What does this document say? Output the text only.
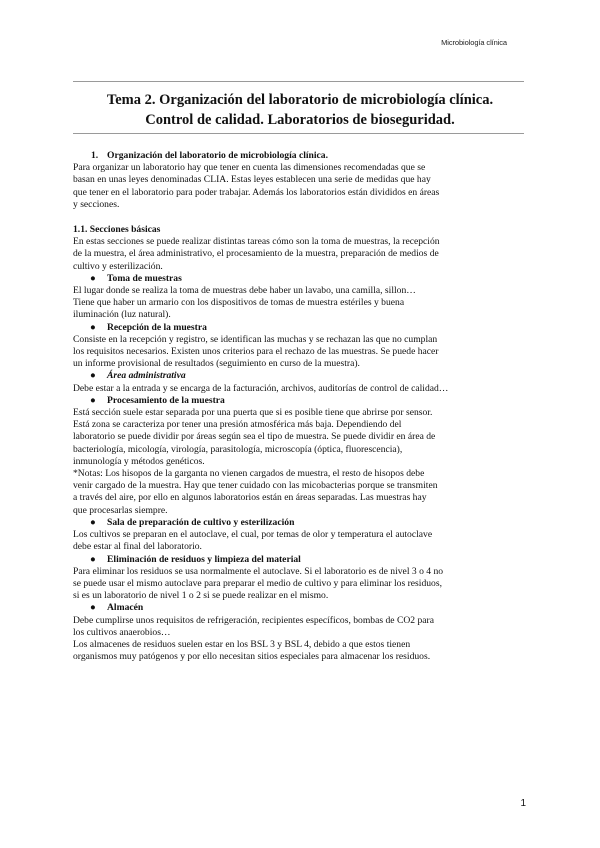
Microbiología clínica
Tema 2. Organización del laboratorio de microbiología clínica.
Control de calidad. Laboratorios de bioseguridad.
1. Organización del laboratorio de microbiología clínica.
Para organizar un laboratorio hay que tener en cuenta las dimensiones recomendadas que se
basan en unas leyes denominadas CLIA. Estas leyes establecen una serie de medidas que hay
que tener en el laboratorio para poder trabajar. Además los laboratorios están divididos en áreas
y secciones.
1.1. Secciones básicas
En estas secciones se puede realizar distintas tareas cómo son la toma de muestras, la recepción
de la muestra, el área administrativo, el procesamiento de la muestra, preparación de medios de
cultivo y esterilización.
● Toma de muestras
El lugar donde se realiza la toma de muestras debe haber un lavabo, una camilla, sillon…
Tiene que haber un armario con los dispositivos de tomas de muestra estériles y buena
iluminación (luz natural).
● Recepción de la muestra
Consiste en la recepción y registro, se identifican las muchas y se rechazan las que no cumplan
los requisitos necesarios. Existen unos criterios para el rechazo de las muestras. Se puede hacer
un informe provisional de resultados (seguimiento en curso de la muestra).
● Área administrativa
Debe estar a la entrada y se encarga de la facturación, archivos, auditorías de control de calidad…
● Procesamiento de la muestra
Está sección suele estar separada por una puerta que si es posible tiene que abrirse por sensor.
Está zona se caracteriza por tener una presión atmosférica más baja. Dependiendo del
laboratorio se puede dividir por áreas según sea el tipo de muestra. Se puede dividir en área de
bacteriología, micología, virología, parasitología, microscopía (óptica, fluorescencia),
inmunología y métodos genéticos.
*Notas: Los hisopos de la garganta no vienen cargados de muestra, el resto de hisopos debe
venir cargado de la muestra. Hay que tener cuidado con las micobacterias porque se transmiten
a través del aire, por ello en algunos laboratorios están en áreas separadas. Las muestras hay
que procesarlas siempre.
● Sala de preparación de cultivo y esterilización
Los cultivos se preparan en el autoclave, el cual, por temas de olor y temperatura el autoclave
debe estar al final del laboratorio.
● Eliminación de residuos y limpieza del material
Para eliminar los residuos se usa normalmente el autoclave. Si el laboratorio es de nivel 3 o 4 no
se puede usar el mismo autoclave para preparar el medio de cultivo y para eliminar los residuos,
si es un laboratorio de nivel 1 o 2 si se puede realizar en el mismo.
● Almacén
Debe cumplirse unos requisitos de refrigeración, recipientes específicos, bombas de CO2 para
los cultivos anaerobios…
Los almacenes de residuos suelen estar en los BSL 3 y BSL 4, debido a que estos tienen
organismos muy patógenos y por ello necesitan sitios especiales para almacenar los residuos.
1
